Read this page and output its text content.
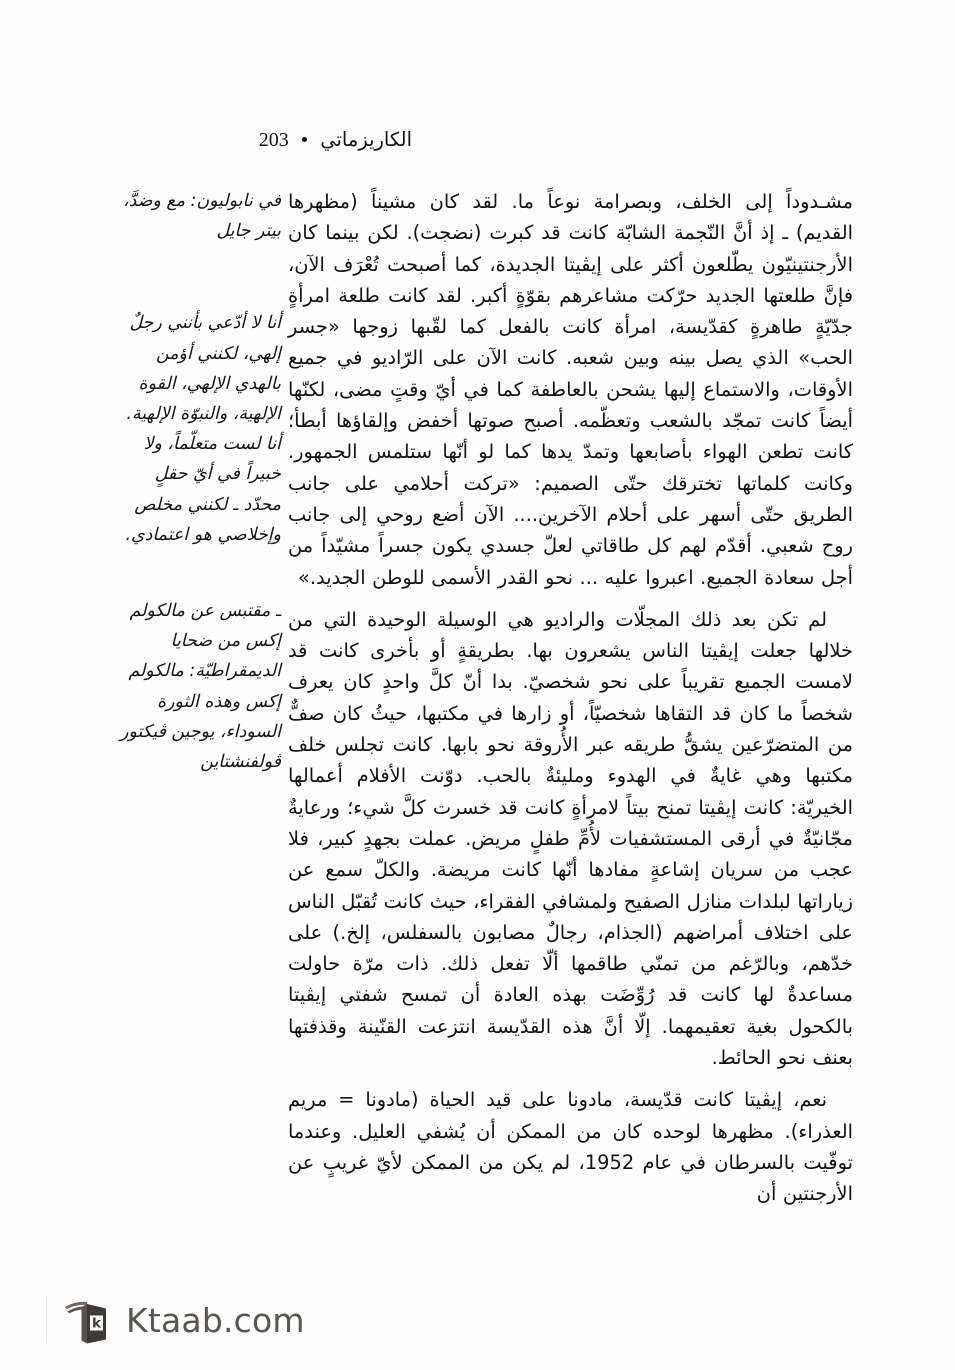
الكاريزماتي
203

مشـدوداً إلى الخلف، وبصرامة نوعاً ما. لقد كان مشيناً (مظهرها القديم) ـ إذ أنَّ النّجمة الشابّة كانت قد كبرت (نضجت). لكن بينما كان الأرجنتينيّون يطّلعون أكثر على إيڤيتا الجديدة، كما أصبحت تُعْرَف الآن، فإنَّ طلعتها الجديد حرّكت مشاعرهم بقوّةٍ أكبر. لقد كانت طلعة امرأةٍ جدّيّةٍ طاهرةٍ كقدّيسة، امرأة كانت بالفعل كما لقّبها زوجها «جسر الحب» الذي يصل بينه وبين شعبه. كانت الآن على الرّاديو في جميع الأوقات، والاستماع إليها يشحن بالعاطفة كما في أيّ وقتٍ مضى، لكنّها أيضاً كانت تمجّد بالشعب وتعظّمه. أصبح صوتها أخفض وإلقاؤها أبطأ؛ كانت تطعن الهواء بأصابعها وتمدّ يدها كما لو أنّها ستلمس الجمهور. وكانت كلماتها تخترقك حتّى الصميم: «تركت أحلامي على جانب الطريق حتّى أسهر على أحلام الآخرين.... الآن أضع روحي إلى جانب روح شعبي. أقدّم لهم كل طاقاتي لعلّ جسدي يكون جسراً مشيّداً من أجل سعادة الجميع. اعبروا عليه ... نحو القدر الأسمى للوطن الجديد.»

لم تكن بعد ذلك المجلّات والراديو هي الوسيلة الوحيدة التي من خلالها جعلت إيڤيتا الناس يشعرون بها. بطريقةٍ أو بأخرى كانت قد لامست الجميع تقريباً على نحو شخصيّ. بدا أنّ كلَّ واحدٍ كان يعرف شخصاً ما كان قد التقاها شخصيّاً، أو زارها في مكتبها، حيثُ كان صفٌّ من المتضرّعين يشقُّ طريقه عبر الأُروقة نحو بابها. كانت تجلس خلف مكتبها وهي غايةٌ في الهدوء ومليئةٌ بالحب. دوّنت الأفلام أعمالها الخيريّة: كانت إيڤيتا تمنح بيتاً لامرأةٍ كانت قد خسرت كلَّ شيء؛ ورعايةٌ مجّانيّةٌ في أرقى المستشفيات لأُمِّ طفلٍ مريض. عملت بجهدٍ كبير، فلا عجب من سريان إشاعةٍ مفادها أنّها كانت مريضة. والكلّ سمع عن زياراتها لبلدات منازل الصفيح ولمشافي الفقراء، حيث كانت تُقبّل الناس على اختلاف أمراضهم (الجذام، رجالٌ مصابون بالسفلس، إلخ.) على خدّهم، وبالرّغم من تمنّي طاقمها ألّا تفعل ذلك. ذات مرّة حاولت مساعدةٌ لها كانت قد رُوِّضَت بهذه العادة أن تمسح شفتي إيڤيتا بالكحول بغية تعقيمهما. إلّا أنَّ هذه القدّيسة انتزعت القنّينة وقذفتها بعنف نحو الحائط.

نعم، إيڤيتا كانت قدّيسة، مادونا على قيد الحياة (مادونا = مريم العذراء). مظهرها لوحده كان من الممكن أن يُشفي العليل. وعندما توفّيت بالسرطان في عام 1952، لم يكن من الممكن لأيّ غريبٍ عن الأرجنتين أن

في نابوليون: مع وضدَّ، بيتر جايل

أنا لا أدّعي بأنني رجلٌ إلهي، لكنني أؤمن بالهدي الإلهي، القوة الإلهية، والنبوّة الإلهية. أنا لست متعلّماً، ولا خبيراً في أيّ حقلٍ محدّد ـ لكنني مخلص وإخلاصي هو اعتمادي.

ـ مقتبس عن مالكولم إكس من ضحايا الديمقراطيّة: مالكولم إكس وهذه الثورة السوداء، يوجين ڤيكتور ڤولفنشتاين

k Ktaab.com
